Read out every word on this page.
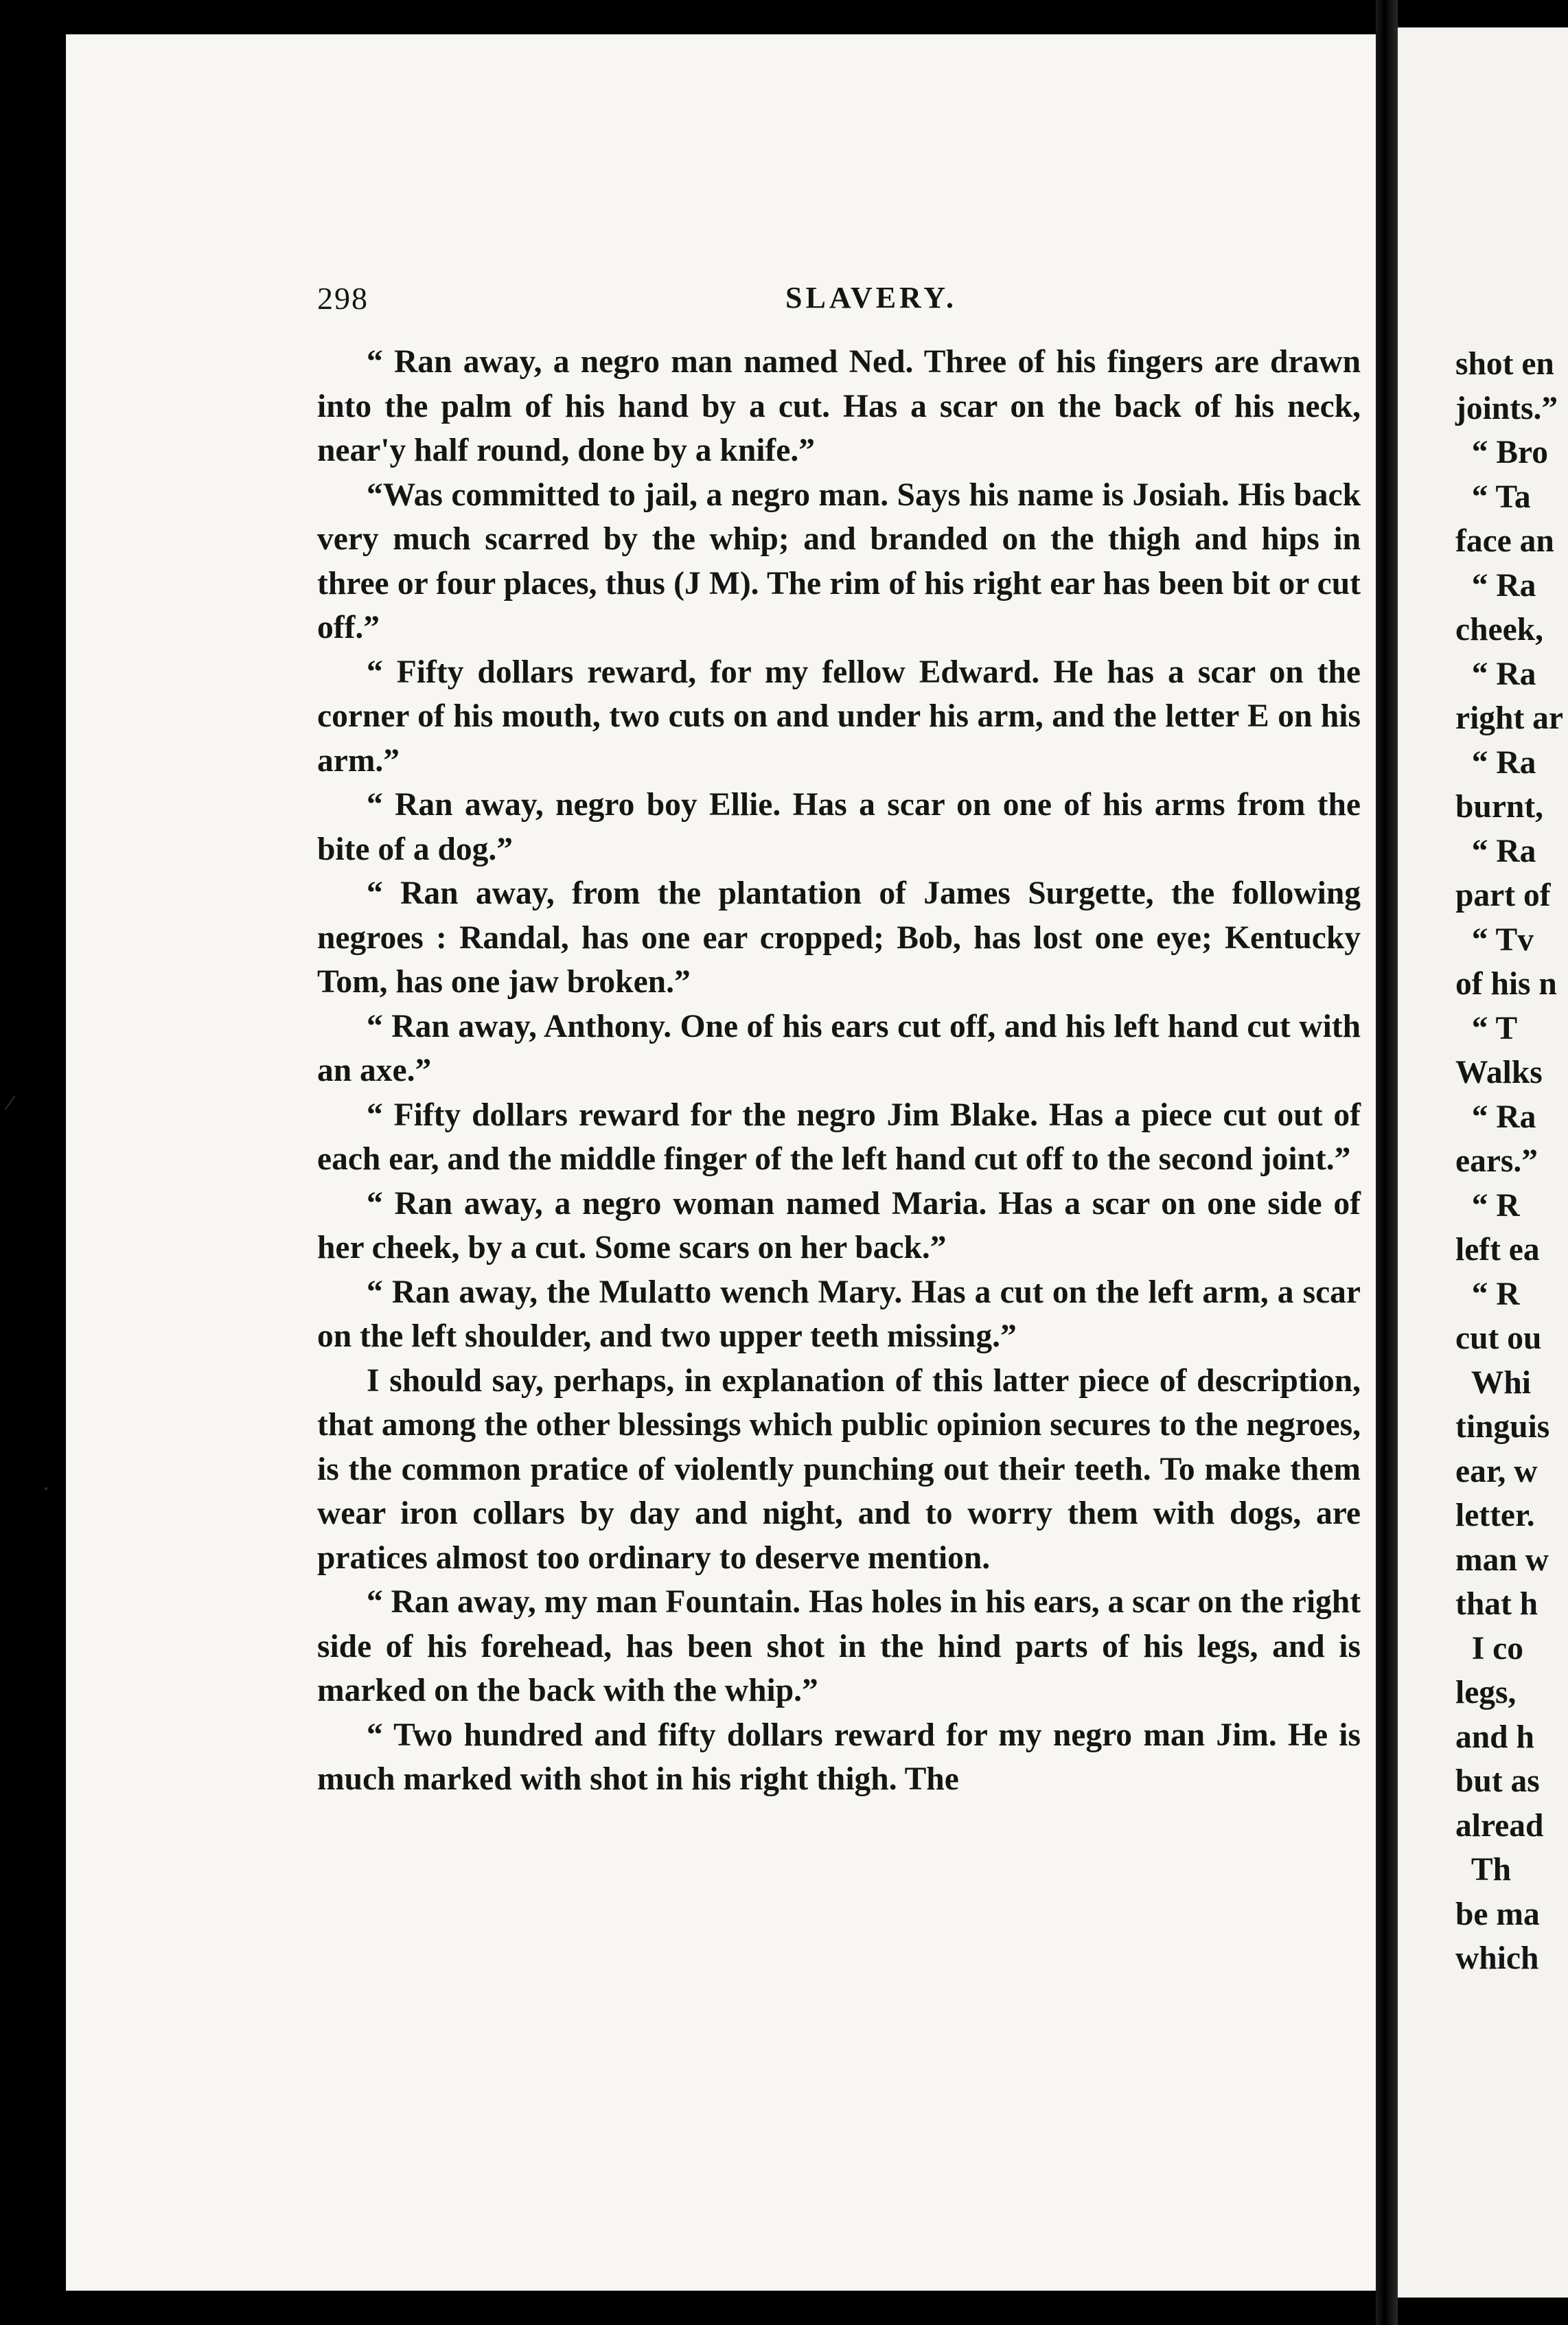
298	SLAVERY.

“ Ran away, a negro man named Ned. Three of his fingers are drawn into the palm of his hand by a cut. Has a scar on the back of his neck, near'y half round, done by a knife.”

“Was committed to jail, a negro man. Says his name is Josiah. His back very much scarred by the whip; and branded on the thigh and hips in three or four places, thus (J M). The rim of his right ear has been bit or cut off.”

“ Fifty dollars reward, for my fellow Edward. He has a scar on the corner of his mouth, two cuts on and under his arm, and the letter E on his arm.”

“ Ran away, negro boy Ellie. Has a scar on one of his arms from the bite of a dog.”

“ Ran away, from the plantation of James Surgette, the following negroes : Randal, has one ear cropped; Bob, has lost one eye; Kentucky Tom, has one jaw broken.”

“ Ran away, Anthony. One of his ears cut off, and his left hand cut with an axe.”

“ Fifty dollars reward for the negro Jim Blake. Has a piece cut out of each ear, and the middle finger of the left hand cut off to the second joint.”

“ Ran away, a negro woman named Maria. Has a scar on one side of her cheek, by a cut. Some scars on her back.”

“ Ran away, the Mulatto wench Mary. Has a cut on the left arm, a scar on the left shoulder, and two upper teeth missing.”

I should say, perhaps, in explanation of this latter piece of description, that among the other blessings which public opinion secures to the negroes, is the common pratice of violently punching out their teeth. To make them wear iron collars by day and night, and to worry them with dogs, are pratices almost too ordinary to deserve mention.

“ Ran away, my man Fountain. Has holes in his ears, a scar on the right side of his forehead, has been shot in the hind parts of his legs, and is marked on the back with the whip.”

“ Two hundred and fifty dollars reward for my negro man Jim. He is much marked with shot in his right thigh. The

shot en
joints.”
“ Bro
“ Ta
face an
“ Ra
cheek,
“ Ra
right ar
“ Ra
burnt,
“ Ra
part of
“ Tv
of his n
“ T
Walks
“ Ra
ears.”
“ R
left ea
“ R
cut ou
Whi
tinguis
ear, w
letter.
man w
that h
I co
legs,
and h
but as
alread
Th
be ma
which
⁄
˯
